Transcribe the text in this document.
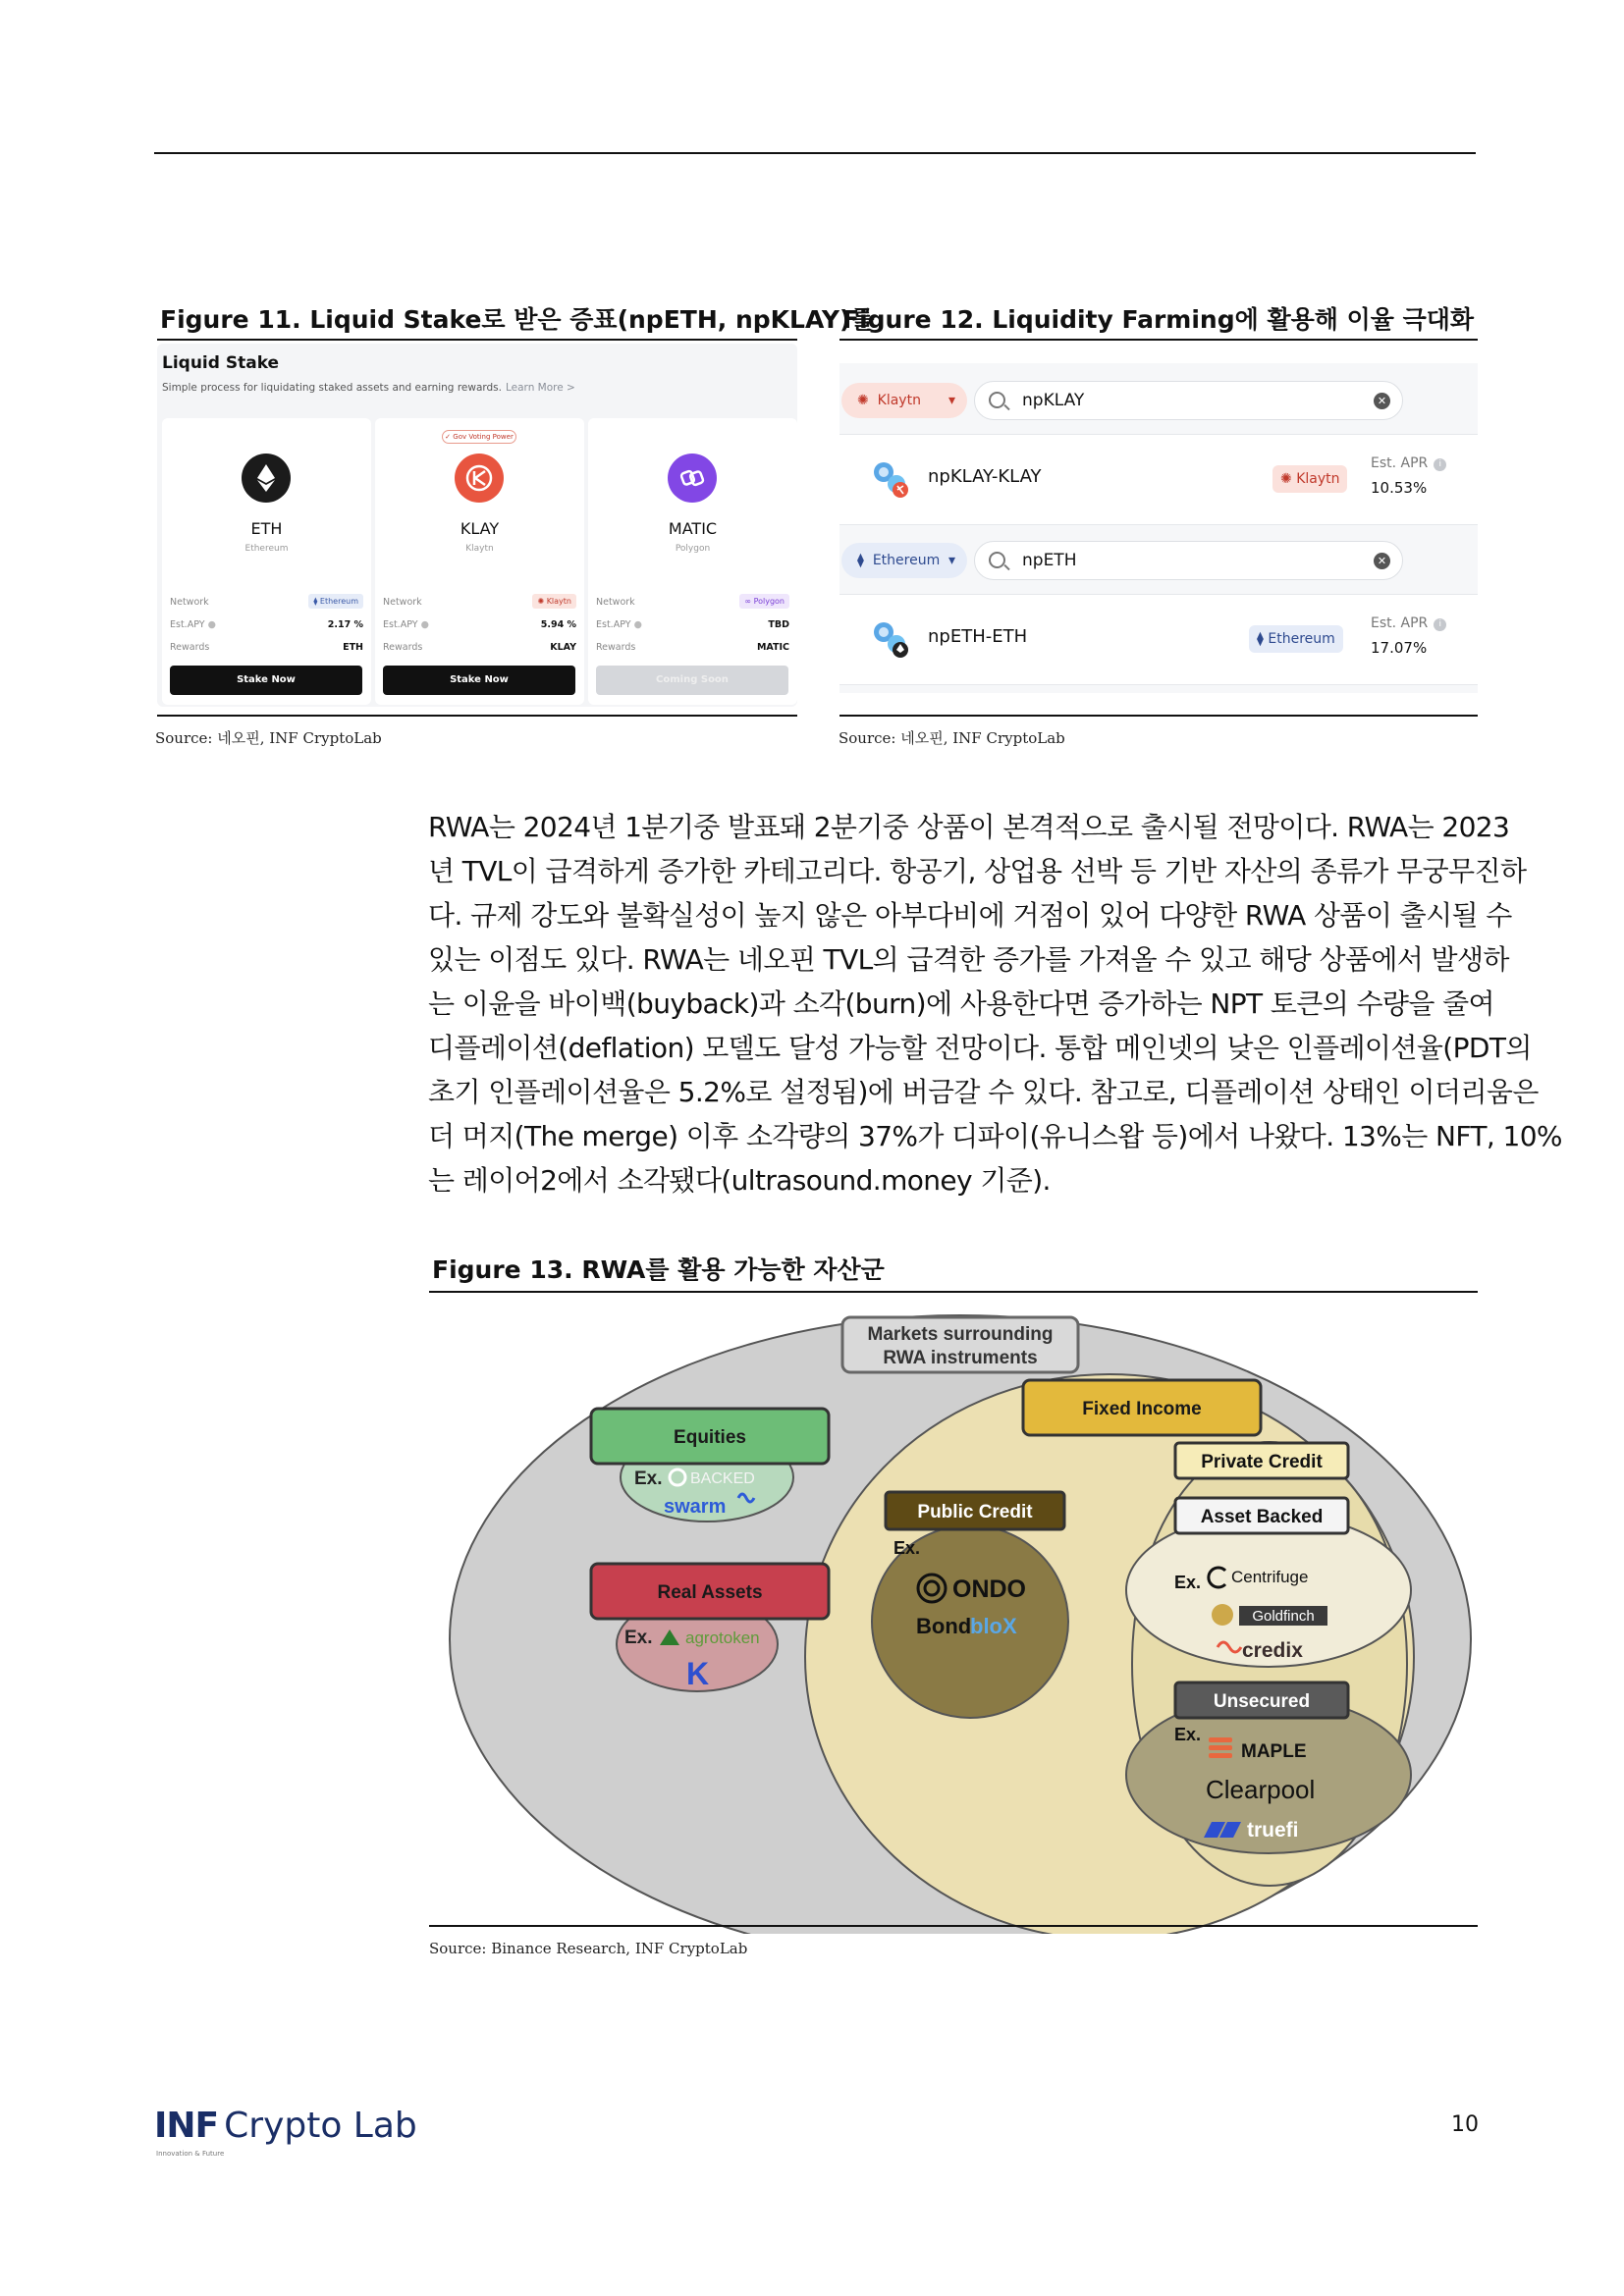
Figure 11. Liquid Stake로 받은 증표(npETH, npKLAY)를
Liquid Stake
Simple process for liquidating staked assets and earning rewards. Learn More >
ETH
Ethereum
Network	⧫ Ethereum
Est.APY ●	2.17 %
Rewards	ETH
Stake Now
✓ Gov Voting Power
KLAY
Klaytn
Network	✺ Klaytn
Est.APY ●	5.94 %
Rewards	KLAY
Stake Now
MATIC
Polygon
Network	∞ Polygon
Est.APY ●	TBD
Rewards	MATIC
Coming Soon
Source: 네오핀, INF CryptoLab
Figure 12. Liquidity Farming에 활용해 이율 극대화
✺  Klaytn ▾	npKLAY	✕
npKLAY-KLAY	✺ Klaytn
Est. APR i
10.53%
⧫  Ethereum ▾	npETH	✕
npETH-ETH	⧫ Ethereum
Est. APR i
17.07%
Source: 네오핀, INF CryptoLab
RWA는 2024년 1분기중 발표돼 2분기중 상품이 본격적으로 출시될 전망이다. RWA는 2023
년 TVL이 급격하게 증가한 카테고리다. 항공기, 상업용 선박 등 기반 자산의 종류가 무궁무진하
다. 규제 강도와 불확실성이 높지 않은 아부다비에 거점이 있어 다양한 RWA 상품이 출시될 수
있는 이점도 있다. RWA는 네오핀 TVL의 급격한 증가를 가져올 수 있고 해당 상품에서 발생하
는 이윤을 바이백(buyback)과 소각(burn)에 사용한다면 증가하는 NPT 토큰의 수량을 줄여
디플레이션(deflation) 모델도 달성 가능할 전망이다. 통합 메인넷의 낮은 인플레이션율(PDT의
초기 인플레이션율은 5.2%로 설정됨)에 버금갈 수 있다. 참고로, 디플레이션 상태인 이더리움은
더 머지(The merge) 이후 소각량의 37%가 디파이(유니스왑 등)에서 나왔다. 13%는 NFT, 10%
는 레이어2에서 소각됐다(ultrasound.money 기준).
Figure 13. RWA를 활용 가능한 자산군
Markets surrounding
RWA instruments
Equities
Ex. BACKED
swarm
Real Assets
Ex. agrotoken
K
Fixed Income
Public Credit
Ex.
ONDO
Bond
bloX
Private Credit
Asset Backed
Ex. Centrifuge
Goldfinch
credix
Unsecured
Ex.
MAPLE
Clearpool
truefi
Source: Binance Research, INF CryptoLab
INF Crypto Lab
Innovation & Future
10
